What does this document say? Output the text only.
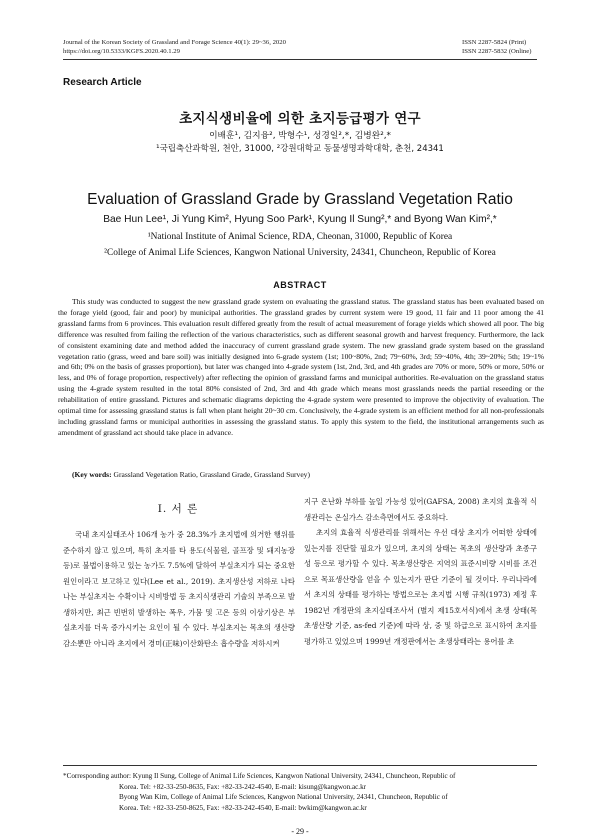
Journal of the Korean Society of Grassland and Forage Science 40(1): 29~36, 2020
https://doi.org/10.5333/KGFS.2020.40.1.29
ISSN 2287-5824 (Print)
ISSN 2287-5832 (Online)
Research Article
초지식생비율에 의한 초지등급평가 연구
이배훈¹, 김지융², 박형수¹, 성경일²,*, 김병완²,*
¹국립축산과학원, 천안, 31000, ²강원대학교 동물생명과학대학, 춘천, 24341
Evaluation of Grassland Grade by Grassland Vegetation Ratio
Bae Hun Lee¹, Ji Yung Kim², Hyung Soo Park¹, Kyung Il Sung²,* and Byong Wan Kim²,*
¹National Institute of Animal Science, RDA, Cheonan, 31000, Republic of Korea
²College of Animal Life Sciences, Kangwon National University, 24341, Chuncheon, Republic of Korea
ABSTRACT

This study was conducted to suggest the new grassland grade system on evaluating the grassland status. The grassland status has been evaluated based on the forage yield (good, fair and poor) by municipal authorities. The grassland grades by current system were 19 good, 11 fair and 11 poor among the 41 grassland farms from 6 provinces. This evaluation result differed greatly from the result of actual measurement of forage yields which showed all poor. The big difference was resulted from failing the reflection of the various characteristics, such as different seasonal growth and harvest frequency. Furthermore, the lack of consistent examining date and method added the inaccuracy of current grassland grade system. The new grassland grade system based on the grassland vegetation ratio (grass, weed and bare soil) was initially designed into 6-grade system (1st; 100~80%, 2nd; 79~60%, 3rd; 59~40%, 4th; 39~20%; 5th; 19~1% and 6th; 0% on the basis of grasses proportion), but later was changed into 4-grade system (1st, 2nd, 3rd, and 4th grades are 70% or more, 50% or more, 50% or less, and 0% of forage proportion, respectively) after reflecting the opinion of grassland farms and municipal authorities. Re-evaluation on the grassland status using the 4-grade system resulted in the total 80% consisted of 2nd, 3rd and 4th grade which means most grasslands needs the partial reseeding or the rehabilitation of entire grassland. Pictures and schematic diagrams depicting the 4-grade system were presented to improve the objectivity of evaluation. The optimal time for assessing grassland status is fall when plant height 20~30 cm. Conclusively, the 4-grade system is an efficient method for all non-professionals including grassland farms or municipal authorities in assessing the grassland status. To apply this system to the field, the institutional arrangements such as amendment of grassland act should take place in advance.

(Key words: Grassland Vegetation Ratio, Grassland Grade, Grassland Survey)
Ⅰ. 서 론

국내 초지실태조사 106개 농가 중 28.3%가 초지법에 의거한 행위를 준수하지 않고 있으며, 특히 초지를 타 용도(식물원, 골프장 및 돼지농장 등)로 불법이용하고 있는 농가도 7.5%에 달하여 부실초지가 되는 중요한 원인이라고 보고하고 있다(Lee et al., 2019). 초지생산성 저하로 나타나는 부실초지는 수확이나 시비방법 등 초지식생관리 기술의 부족으로 발생하지만, 최근 빈번히 발생하는 폭우, 가뭄 및 고온 등의 이상기상은 부실초지를 더욱 증가시키는 요인이 될 수 있다. 부실초지는 목초의 생산량 감소뿐만 아니라 초지에서 경미(正味)이산화탄소 흡수량을 저하시켜

지구 온난화 부하를 높일 가능성 있어(GAFSA, 2008) 초지의 효율적 식생관리는 온실가스 감소측면에서도 중요하다.

초지의 효율적 식생관리를 위해서는 우선 대상 초지가 어떠한 상태에 있는지를 진단할 필요가 있으며, 초지의 상태는 목초의 생산량과 초종구성 등으로 평가할 수 있다. 목초생산량은 지역의 표준시비량 시비를 조건으로 목표생산량을 얻을 수 있는지가 판단 기준이 될 것이다. 우리나라에서 초지의 상태를 평가하는 방법으로는 초지법 시행 규칙(1973) 제정 후 1982년 개정판의 초지실태조사서 (별지 제15호서식)에서 초생 상태(목초생산량 기준, as-fed 기준)에 따라 상, 중 및 하급으로 표시하여 초지를 평가하고 있었으며 1999년 개정판에서는 초생상태라는 용어를 초

*Corresponding author: Kyung Il Sung, College of Animal Life Sciences, Kangwon National University, 24341, Chuncheon, Republic of
Korea. Tel: +82-33-250-8635, Fax: +82-33-242-4540, E-mail: kisung@kangwon.ac.kr
Byong Wan Kim, College of Animal Life Sciences, Kangwon National University, 24341, Chuncheon, Republic of
Korea. Tel: +82-33-250-8625, Fax: +82-33-242-4540, E-mail: bwkim@kangwon.ac.kr
- 29 -
